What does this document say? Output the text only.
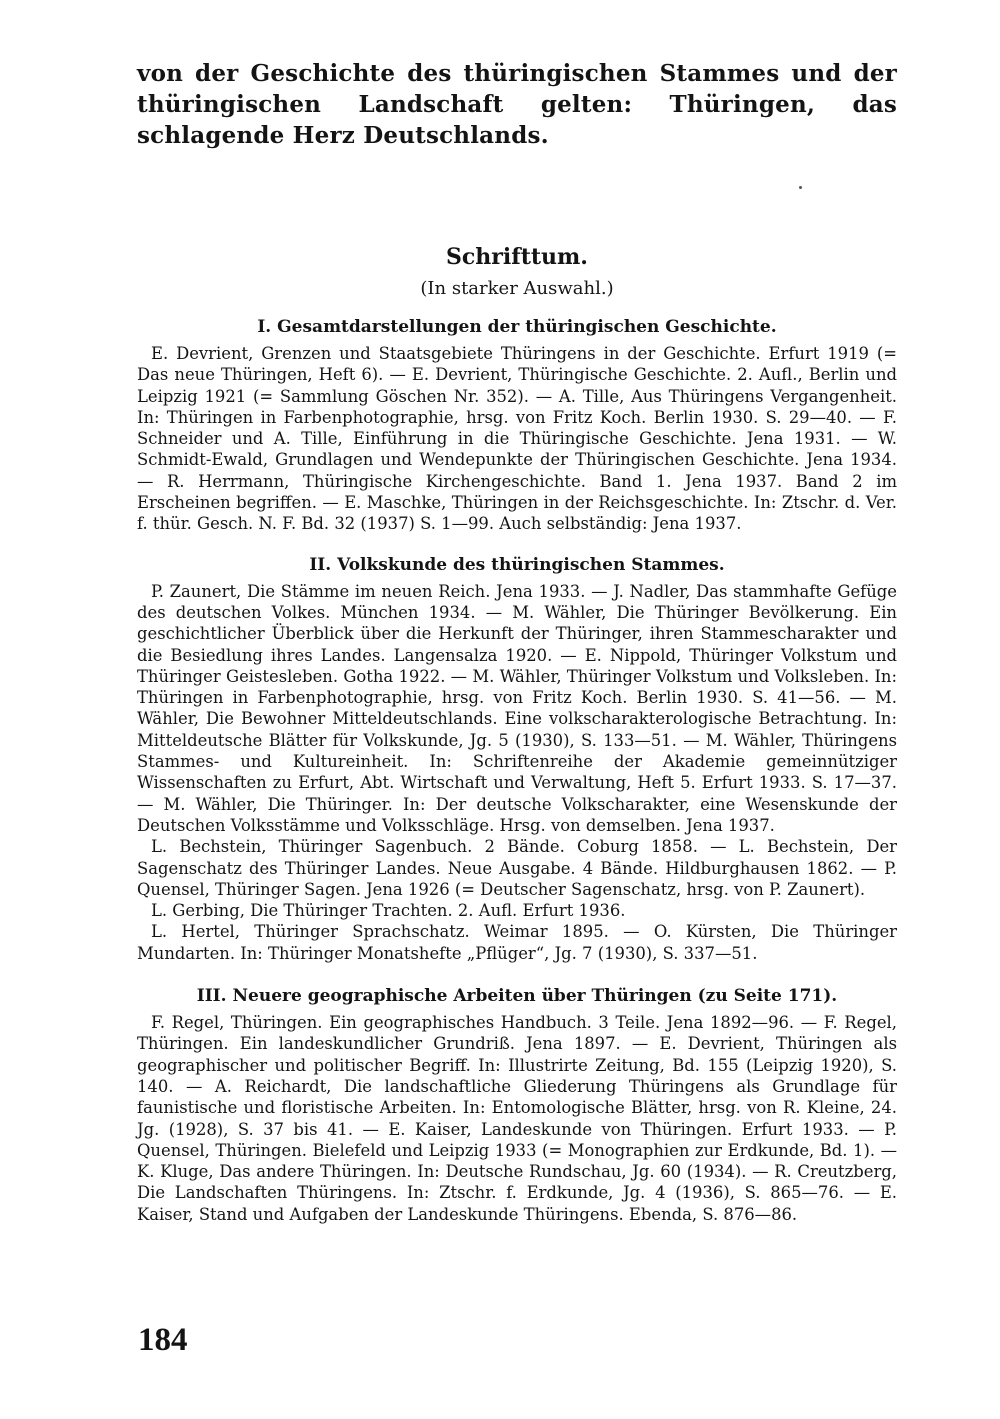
von der Geschichte des thüringischen Stammes und der thüringischen Landschaft gelten: Thüringen, das schlagende Herz Deutschlands.

Schrifttum.
(In starker Auswahl.)
I. Gesamtdarstellungen der thüringischen Geschichte.

E. Devrient, Grenzen und Staatsgebiete Thüringens in der Geschichte. Erfurt 1919 (= Das neue Thüringen, Heft 6). — E. Devrient, Thüringische Geschichte. 2. Aufl., Berlin und Leipzig 1921 (= Sammlung Göschen Nr. 352). — A. Tille, Aus Thüringens Vergangenheit. In: Thüringen in Farbenphotographie, hrsg. von Fritz Koch. Berlin 1930. S. 29—40. — F. Schneider und A. Tille, Einführung in die Thüringische Geschichte. Jena 1931. — W. Schmidt-Ewald, Grundlagen und Wendepunkte der Thüringischen Geschichte. Jena 1934. — R. Herrmann, Thüringische Kirchengeschichte. Band 1. Jena 1937. Band 2 im Erscheinen begriffen. — E. Maschke, Thüringen in der Reichsgeschichte. In: Ztschr. d. Ver. f. thür. Gesch. N. F. Bd. 32 (1937) S. 1—99. Auch selbständig: Jena 1937.

II. Volkskunde des thüringischen Stammes.

P. Zaunert, Die Stämme im neuen Reich. Jena 1933. — J. Nadler, Das stammhafte Gefüge des deutschen Volkes. München 1934. — M. Wähler, Die Thüringer Bevölkerung. Ein geschichtlicher Überblick über die Herkunft der Thüringer, ihren Stammescharakter und die Besiedlung ihres Landes. Langensalza 1920. — E. Nippold, Thüringer Volkstum und Thüringer Geistesleben. Gotha 1922. — M. Wähler, Thüringer Volkstum und Volksleben. In: Thüringen in Farbenphotographie, hrsg. von Fritz Koch. Berlin 1930. S. 41—56. — M. Wähler, Die Bewohner Mitteldeutschlands. Eine volkscharakterologische Betrachtung. In: Mitteldeutsche Blätter für Volkskunde, Jg. 5 (1930), S. 133—51. — M. Wähler, Thüringens Stammes- und Kultureinheit. In: Schriftenreihe der Akademie gemeinnütziger Wissenschaften zu Erfurt, Abt. Wirtschaft und Verwaltung, Heft 5. Erfurt 1933. S. 17—37. — M. Wähler, Die Thüringer. In: Der deutsche Volkscharakter, eine Wesenskunde der Deutschen Volksstämme und Volksschläge. Hrsg. von demselben. Jena 1937.

L. Bechstein, Thüringer Sagenbuch. 2 Bände. Coburg 1858. — L. Bechstein, Der Sagenschatz des Thüringer Landes. Neue Ausgabe. 4 Bände. Hildburghausen 1862. — P. Quensel, Thüringer Sagen. Jena 1926 (= Deutscher Sagenschatz, hrsg. von P. Zaunert).

L. Gerbing, Die Thüringer Trachten. 2. Aufl. Erfurt 1936.

L. Hertel, Thüringer Sprachschatz. Weimar 1895. — O. Kürsten, Die Thüringer Mundarten. In: Thüringer Monatshefte „Pflüger“, Jg. 7 (1930), S. 337—51.

III. Neuere geographische Arbeiten über Thüringen (zu Seite 171).

F. Regel, Thüringen. Ein geographisches Handbuch. 3 Teile. Jena 1892—96. — F. Regel, Thüringen. Ein landeskundlicher Grundriß. Jena 1897. — E. Devrient, Thüringen als geographischer und politischer Begriff. In: Illustrirte Zeitung, Bd. 155 (Leipzig 1920), S. 140. — A. Reichardt, Die landschaftliche Gliederung Thüringens als Grundlage für faunistische und floristische Arbeiten. In: Entomologische Blätter, hrsg. von R. Kleine, 24. Jg. (1928), S. 37 bis 41. — E. Kaiser, Landeskunde von Thüringen. Erfurt 1933. — P. Quensel, Thüringen. Bielefeld und Leipzig 1933 (= Monographien zur Erdkunde, Bd. 1). — K. Kluge, Das andere Thüringen. In: Deutsche Rundschau, Jg. 60 (1934). — R. Creutzberg, Die Landschaften Thüringens. In: Ztschr. f. Erdkunde, Jg. 4 (1936), S. 865—76. — E. Kaiser, Stand und Aufgaben der Landeskunde Thüringens. Ebenda, S. 876—86.

184
